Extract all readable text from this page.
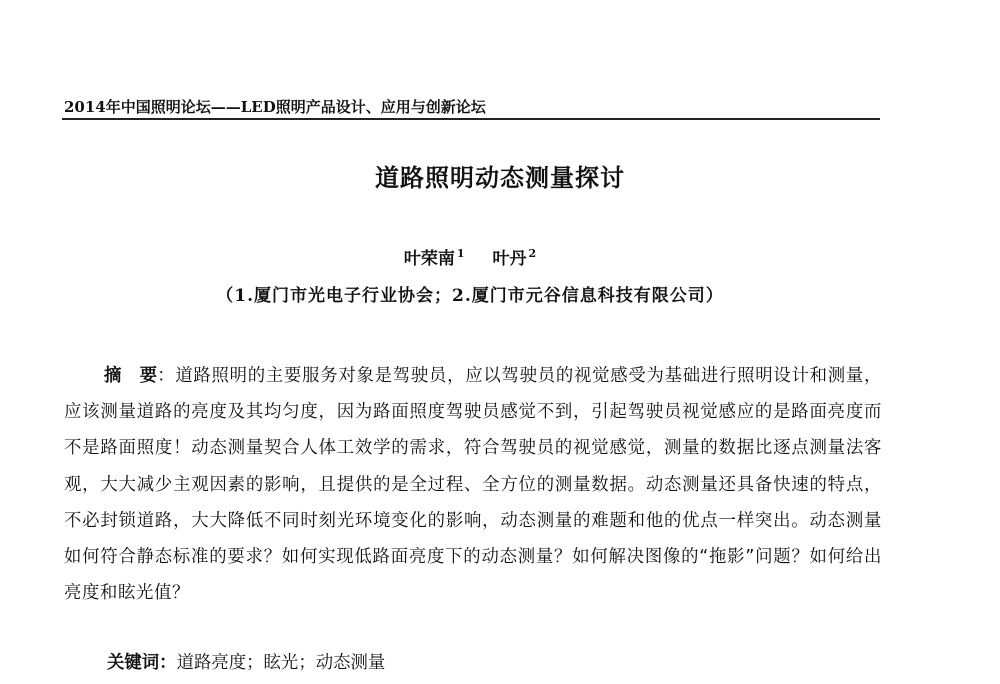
2014年中国照明论坛——LED照明产品设计、应用与创新论坛
道路照明动态测量探讨
叶荣南 $^1$ 叶丹 $^2$
（1.厦门市光电子行业协会；2.厦门市元谷信息科技有限公司）

摘 要：道路照明的主要服务对象是驾驶员，应以驾驶员的视觉感受为基础进行照明设计和测量，应该测量道路的亮度及其均匀度，因为路面照度驾驶员感觉不到，引起驾驶员视觉感应的是路面亮度而不是路面照度！动态测量契合人体工效学的需求，符合驾驶员的视觉感觉，测量的数据比逐点测量法客观，大大减少主观因素的影响，且提供的是全过程、全方位的测量数据。动态测量还具备快速的特点，不必封锁道路，大大降低不同时刻光环境变化的影响，动态测量的难题和他的优点一样突出。动态测量如何符合静态标准的要求？如何实现低路面亮度下的动态测量？如何解决图像的“拖影”问题？如何给出亮度和眩光值？

关键词：道路亮度；眩光；动态测量
